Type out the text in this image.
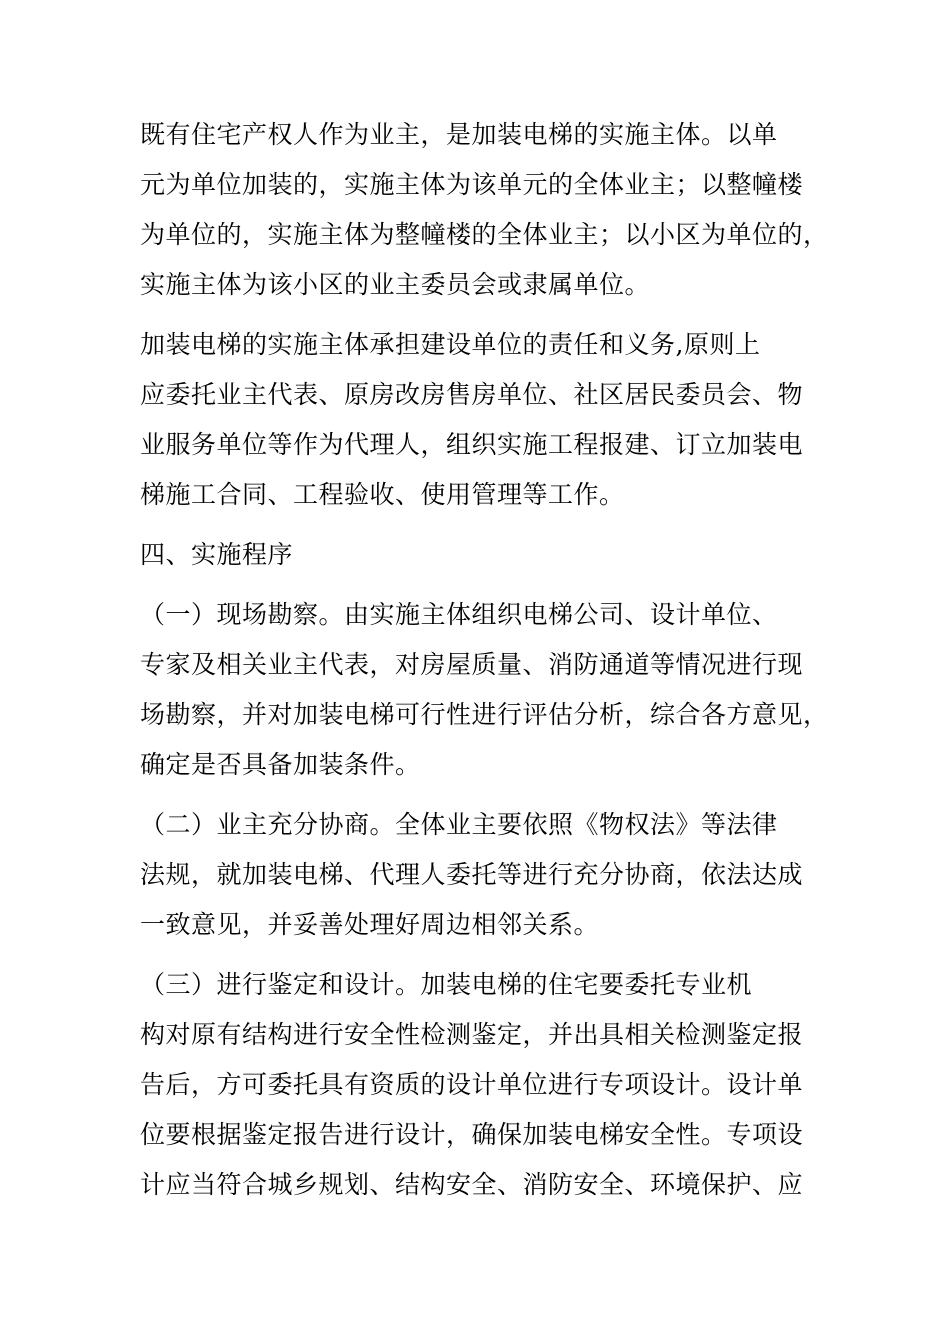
既有住宅产权人作为业主，是加装电梯的实施主体。以单
元为单位加装的，实施主体为该单元的全体业主；以整幢楼
为单位的，实施主体为整幢楼的全体业主；以小区为单位的，
实施主体为该小区的业主委员会或隶属单位。
加装电梯的实施主体承担建设单位的责任和义务,原则上
应委托业主代表、原房改房售房单位、社区居民委员会、物
业服务单位等作为代理人，组织实施工程报建、订立加装电
梯施工合同、工程验收、使用管理等工作。
四、实施程序
（一）现场勘察。由实施主体组织电梯公司、设计单位、
专家及相关业主代表，对房屋质量、消防通道等情况进行现
场勘察，并对加装电梯可行性进行评估分析，综合各方意见，
确定是否具备加装条件。
（二）业主充分协商。全体业主要依照《物权法》等法律
法规，就加装电梯、代理人委托等进行充分协商，依法达成
一致意见，并妥善处理好周边相邻关系。
（三）进行鉴定和设计。加装电梯的住宅要委托专业机
构对原有结构进行安全性检测鉴定，并出具相关检测鉴定报
告后，方可委托具有资质的设计单位进行专项设计。设计单
位要根据鉴定报告进行设计，确保加装电梯安全性。专项设
计应当符合城乡规划、结构安全、消防安全、环境保护、应
